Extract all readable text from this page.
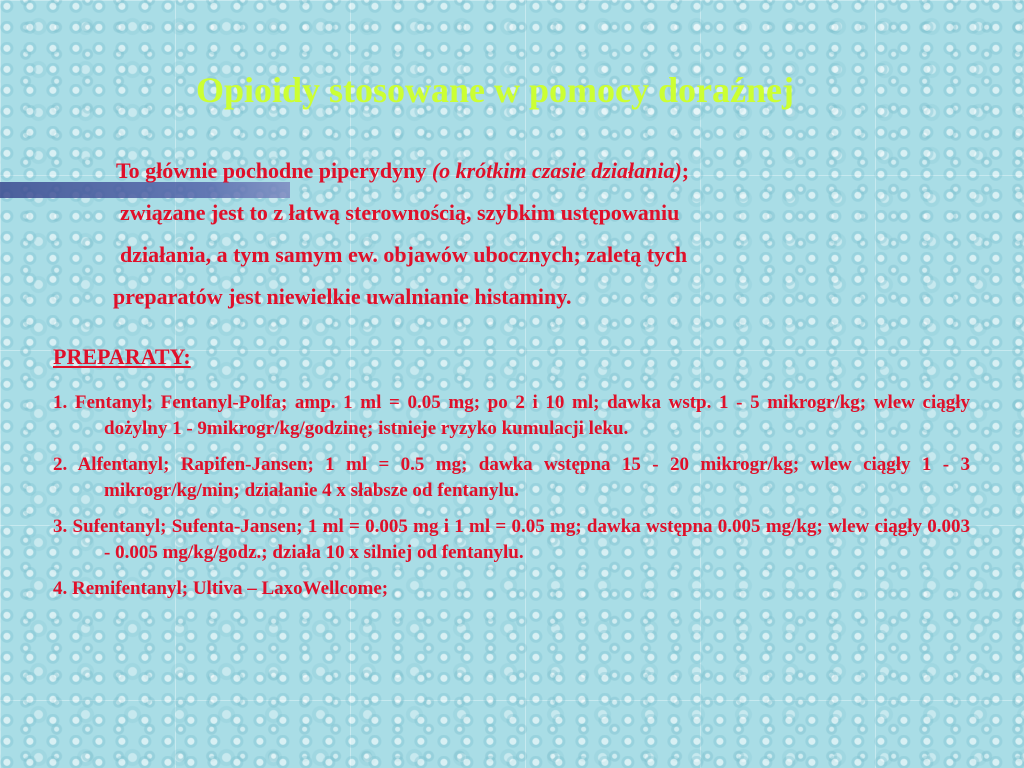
Opioidy stosowane w pomocy doraźnej
To głównie pochodne piperydyny (o krótkim czasie działania);
związane jest to z łatwą sterownością, szybkim ustępowaniu
działania, a tym samym ew. objawów ubocznych; zaletą tych
preparatów jest niewielkie uwalnianie histaminy.
PREPARATY:
1. Fentanyl; Fentanyl-Polfa; amp. 1 ml = 0.05 mg; po 2 i 10 ml; dawka wstp. 1 - 5 mikrogr/kg; wlew ciągły dożylny 1 - 9mikrogr/kg/godzinę; istnieje ryzyko kumulacji leku.
2. Alfentanyl; Rapifen-Jansen; 1 ml = 0.5 mg; dawka wstępna 15 - 20 mikrogr/kg; wlew ciągły 1 - 3 mikrogr/kg/min; działanie 4 x słabsze od fentanylu.
3. Sufentanyl; Sufenta-Jansen; 1 ml = 0.005 mg i 1 ml = 0.05 mg; dawka wstępna 0.005 mg/kg; wlew ciągły 0.003 - 0.005 mg/kg/godz.; działa 10 x silniej od fentanylu.
4. Remifentanyl; Ultiva – LaxoWellcome;
